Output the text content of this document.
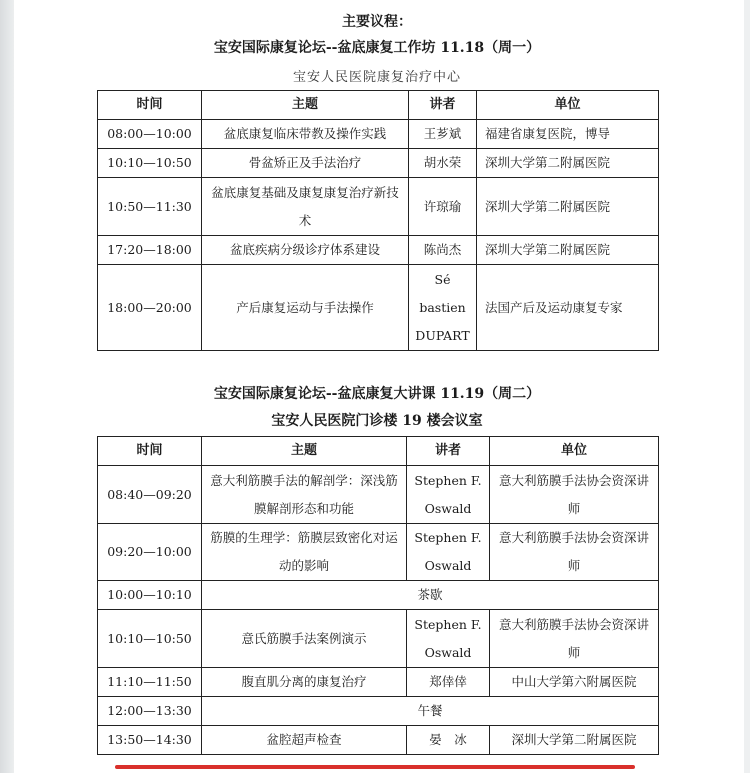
主要议程：
宝安国际康复论坛--盆底康复工作坊 11.18（周一）
宝安人民医院康复治疗中心
时间	主题	讲者	单位
08:00—10:00	盆底康复临床带教及操作实践	王芗斌	福建省康复医院，博导
10:10—10:50	骨盆矫正及手法治疗	胡水荣	深圳大学第二附属医院
10:50—11:30	盆底康复基础及康复康复治疗新技术	许琼瑜	深圳大学第二附属医院
17:20—18:00	盆底疾病分级诊疗体系建设	陈尚杰	深圳大学第二附属医院
18:00—20:00	产后康复运动与手法操作	Sé bastien DUPART	法国产后及运动康复专家
宝安国际康复论坛--盆底康复大讲课 11.19（周二）
宝安人民医院门诊楼 19 楼会议室
时间	主题	讲者	单位
08:40—09:20	意大利筋膜手法的解剖学：深浅筋膜解剖形态和功能	Stephen F. Oswald	意大利筋膜手法协会资深讲师
09:20—10:00	筋膜的生理学：筋膜层致密化对运动的影响	Stephen F. Oswald	意大利筋膜手法协会资深讲师
10:00—10:10	茶歇		
10:10—10:50	意氏筋膜手法案例演示	Stephen F. Oswald	意大利筋膜手法协会资深讲师
11:10—11:50	腹直肌分离的康复治疗	郑倖倖	中山大学第六附属医院
12:00—13:30	午餐		
13:50—14:30	盆腔超声检查	晏　冰	深圳大学第二附属医院
